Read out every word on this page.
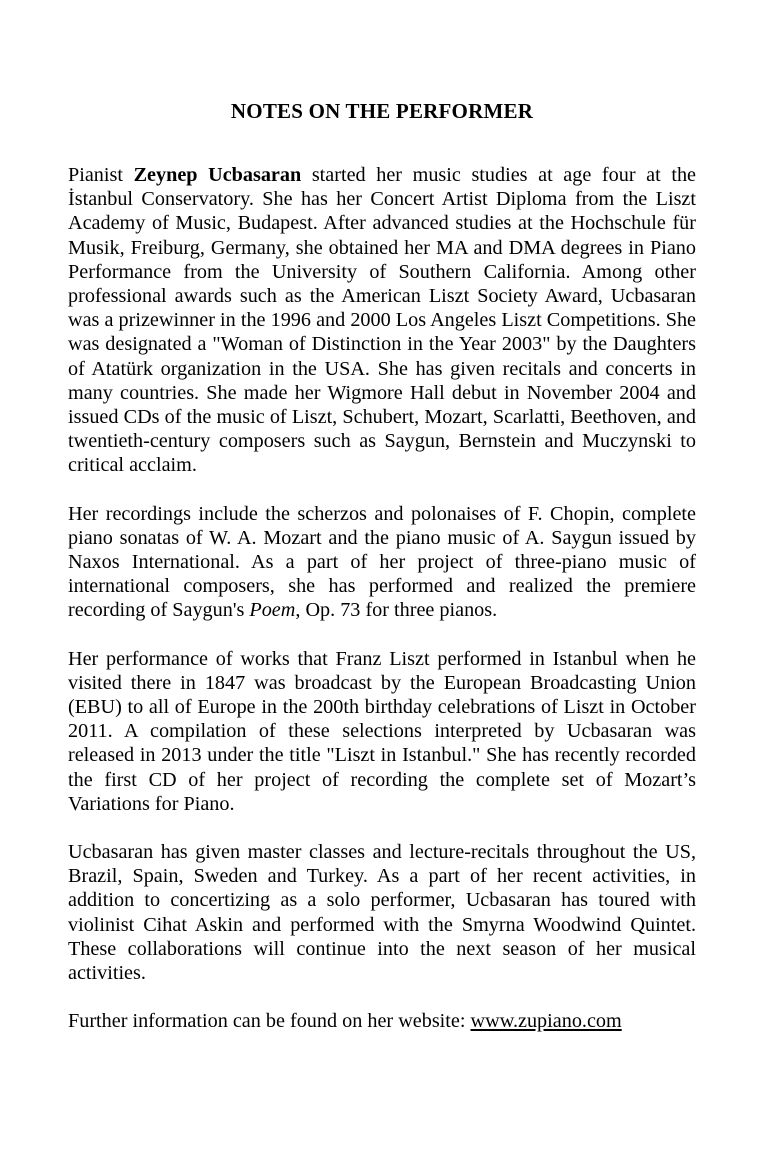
NOTES ON THE PERFORMER

Pianist Zeynep Ucbasaran started her music studies at age four at the İstanbul Conservatory. She has her Concert Artist Diploma from the Liszt Academy of Music, Budapest. After advanced studies at the Hochschule für Musik, Freiburg, Germany, she obtained her MA and DMA degrees in Piano Performance from the University of Southern California. Among other professional awards such as the American Liszt Society Award, Ucbasaran was a prizewinner in the 1996 and 2000 Los Angeles Liszt Competitions. She was designated a "Woman of Distinction in the Year 2003" by the Daughters of Atatürk organization in the USA. She has given recitals and concerts in many countries. She made her Wigmore Hall debut in November 2004 and issued CDs of the music of Liszt, Schubert, Mozart, Scarlatti, Beethoven, and twentieth-century composers such as Saygun, Bernstein and Muczynski to critical acclaim.

Her recordings include the scherzos and polonaises of F. Chopin, complete piano sonatas of W. A. Mozart and the piano music of A. Saygun issued by Naxos International. As a part of her project of three-piano music of international composers, she has performed and realized the premiere recording of Saygun's Poem, Op. 73 for three pianos.

Her performance of works that Franz Liszt performed in Istanbul when he visited there in 1847 was broadcast by the European Broadcasting Union (EBU) to all of Europe in the 200th birthday celebrations of Liszt in October 2011. A compilation of these selections interpreted by Ucbasaran was released in 2013 under the title "Liszt in Istanbul." She has recently recorded the first CD of her project of recording the complete set of Mozart’s Variations for Piano.

Ucbasaran has given master classes and lecture-recitals throughout the US, Brazil, Spain, Sweden and Turkey. As a part of her recent activities, in addition to concertizing as a solo performer, Ucbasaran has toured with violinist Cihat Askin and performed with the Smyrna Woodwind Quintet. These collaborations will continue into the next season of her musical activities.

Further information can be found on her website: www.zupiano.com
